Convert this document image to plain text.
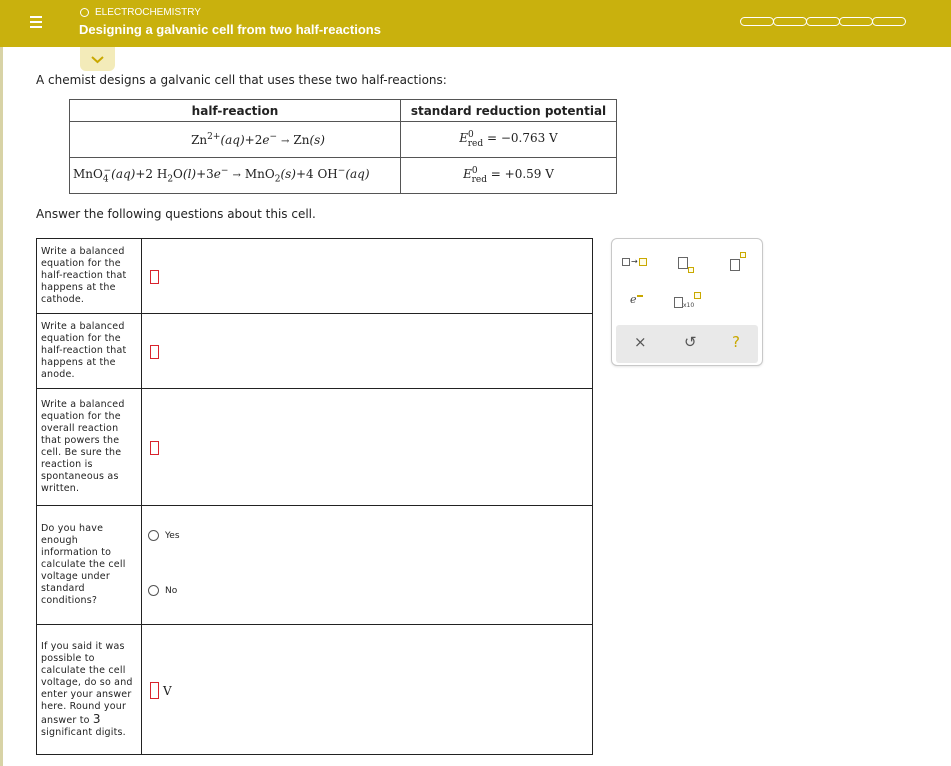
ELECTROCHEMISTRY
Designing a galvanic cell from two half-reactions
A chemist designs a galvanic cell that uses these two half-reactions:
half-reaction	standard reduction potential
$Zn^{2+}(aq)+2e^- \to Zn(s)$	$E^0_{red} = -0.763$ V
MnO$_4$−(aq)+2 $H_2O(l)+3e^- \to MnO_2(s)+4$ OH−(aq)	$E^0_{red} = +0.59$ V
Answer the following questions about this cell.
Write a balanced equation for the half-reaction that happens at the cathode.	
Write a balanced equation for the half-reaction that happens at the anode.	
Write a balanced equation for the overall reaction that powers the cell. Be sure the reaction is spontaneous as written.	
Do you have enough information to calculate the cell voltage under standard conditions?	Yes
No

If you said it was possible to calculate the cell voltage, do so and enter your answer here. Round your answer to 3 significant digits.	V
→
e	x10
× ↺ ?
